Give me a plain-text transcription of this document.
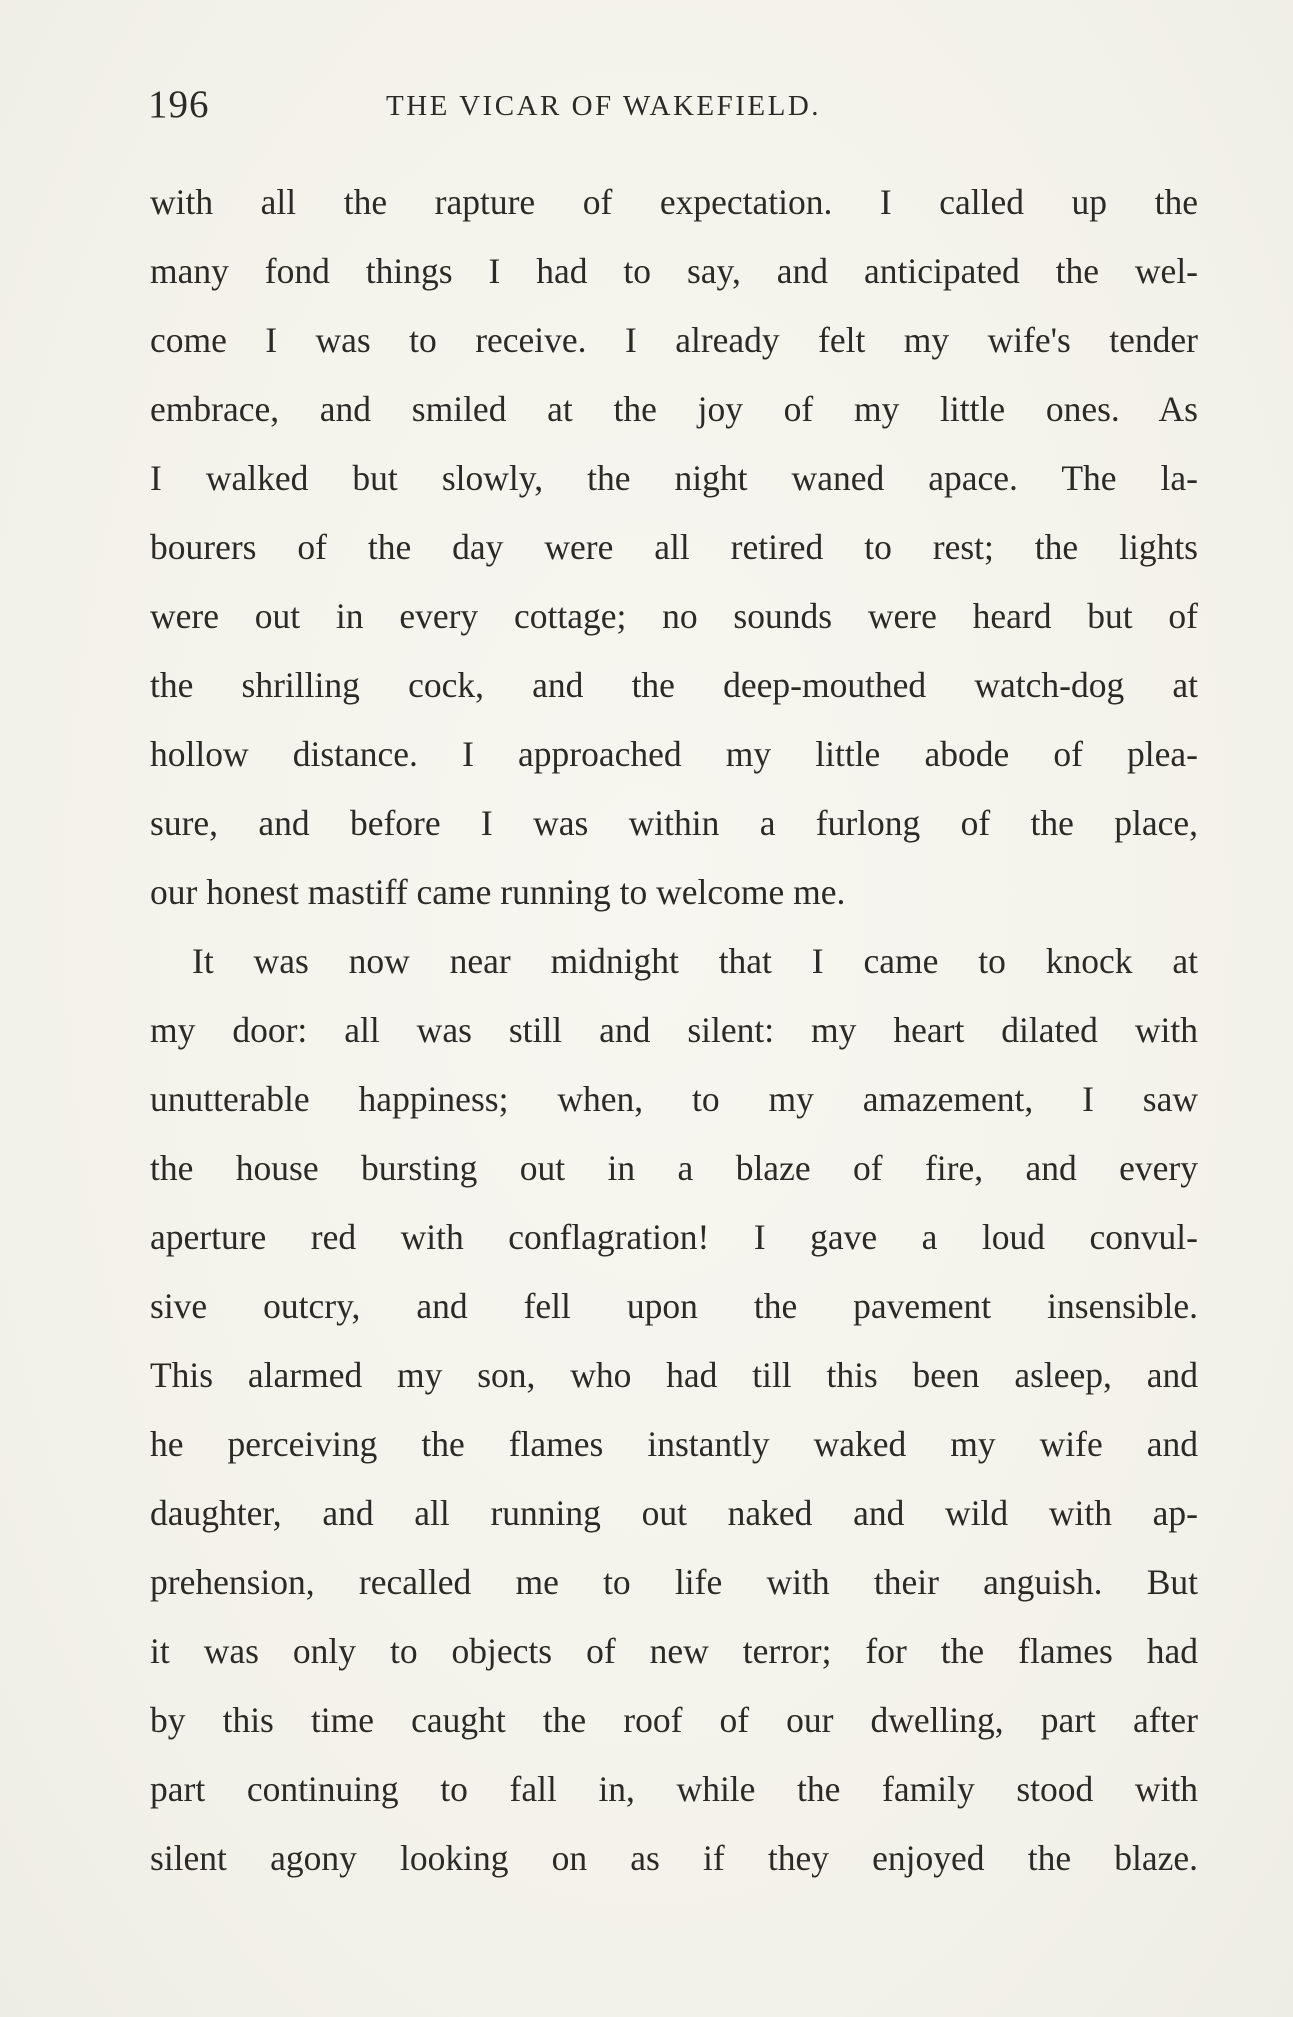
196	THE VICAR OF WAKEFIELD.
with all the rapture of expectation. I called up the
many fond things I had to say, and anticipated the wel-
come I was to receive. I already felt my wife's tender
embrace, and smiled at the joy of my little ones. As
I walked but slowly, the night waned apace. The la-
bourers of the day were all retired to rest; the lights
were out in every cottage; no sounds were heard but of
the shrilling cock, and the deep-mouthed watch-dog at
hollow distance. I approached my little abode of plea-
sure, and before I was within a furlong of the place,
our honest mastiff came running to welcome me.
It was now near midnight that I came to knock at
my door: all was still and silent: my heart dilated with
unutterable happiness; when, to my amazement, I saw
the house bursting out in a blaze of fire, and every
aperture red with conflagration! I gave a loud convul-
sive outcry, and fell upon the pavement insensible.
This alarmed my son, who had till this been asleep, and
he perceiving the flames instantly waked my wife and
daughter, and all running out naked and wild with ap-
prehension, recalled me to life with their anguish. But
it was only to objects of new terror; for the flames had
by this time caught the roof of our dwelling, part after
part continuing to fall in, while the family stood with
silent agony looking on as if they enjoyed the blaze.
